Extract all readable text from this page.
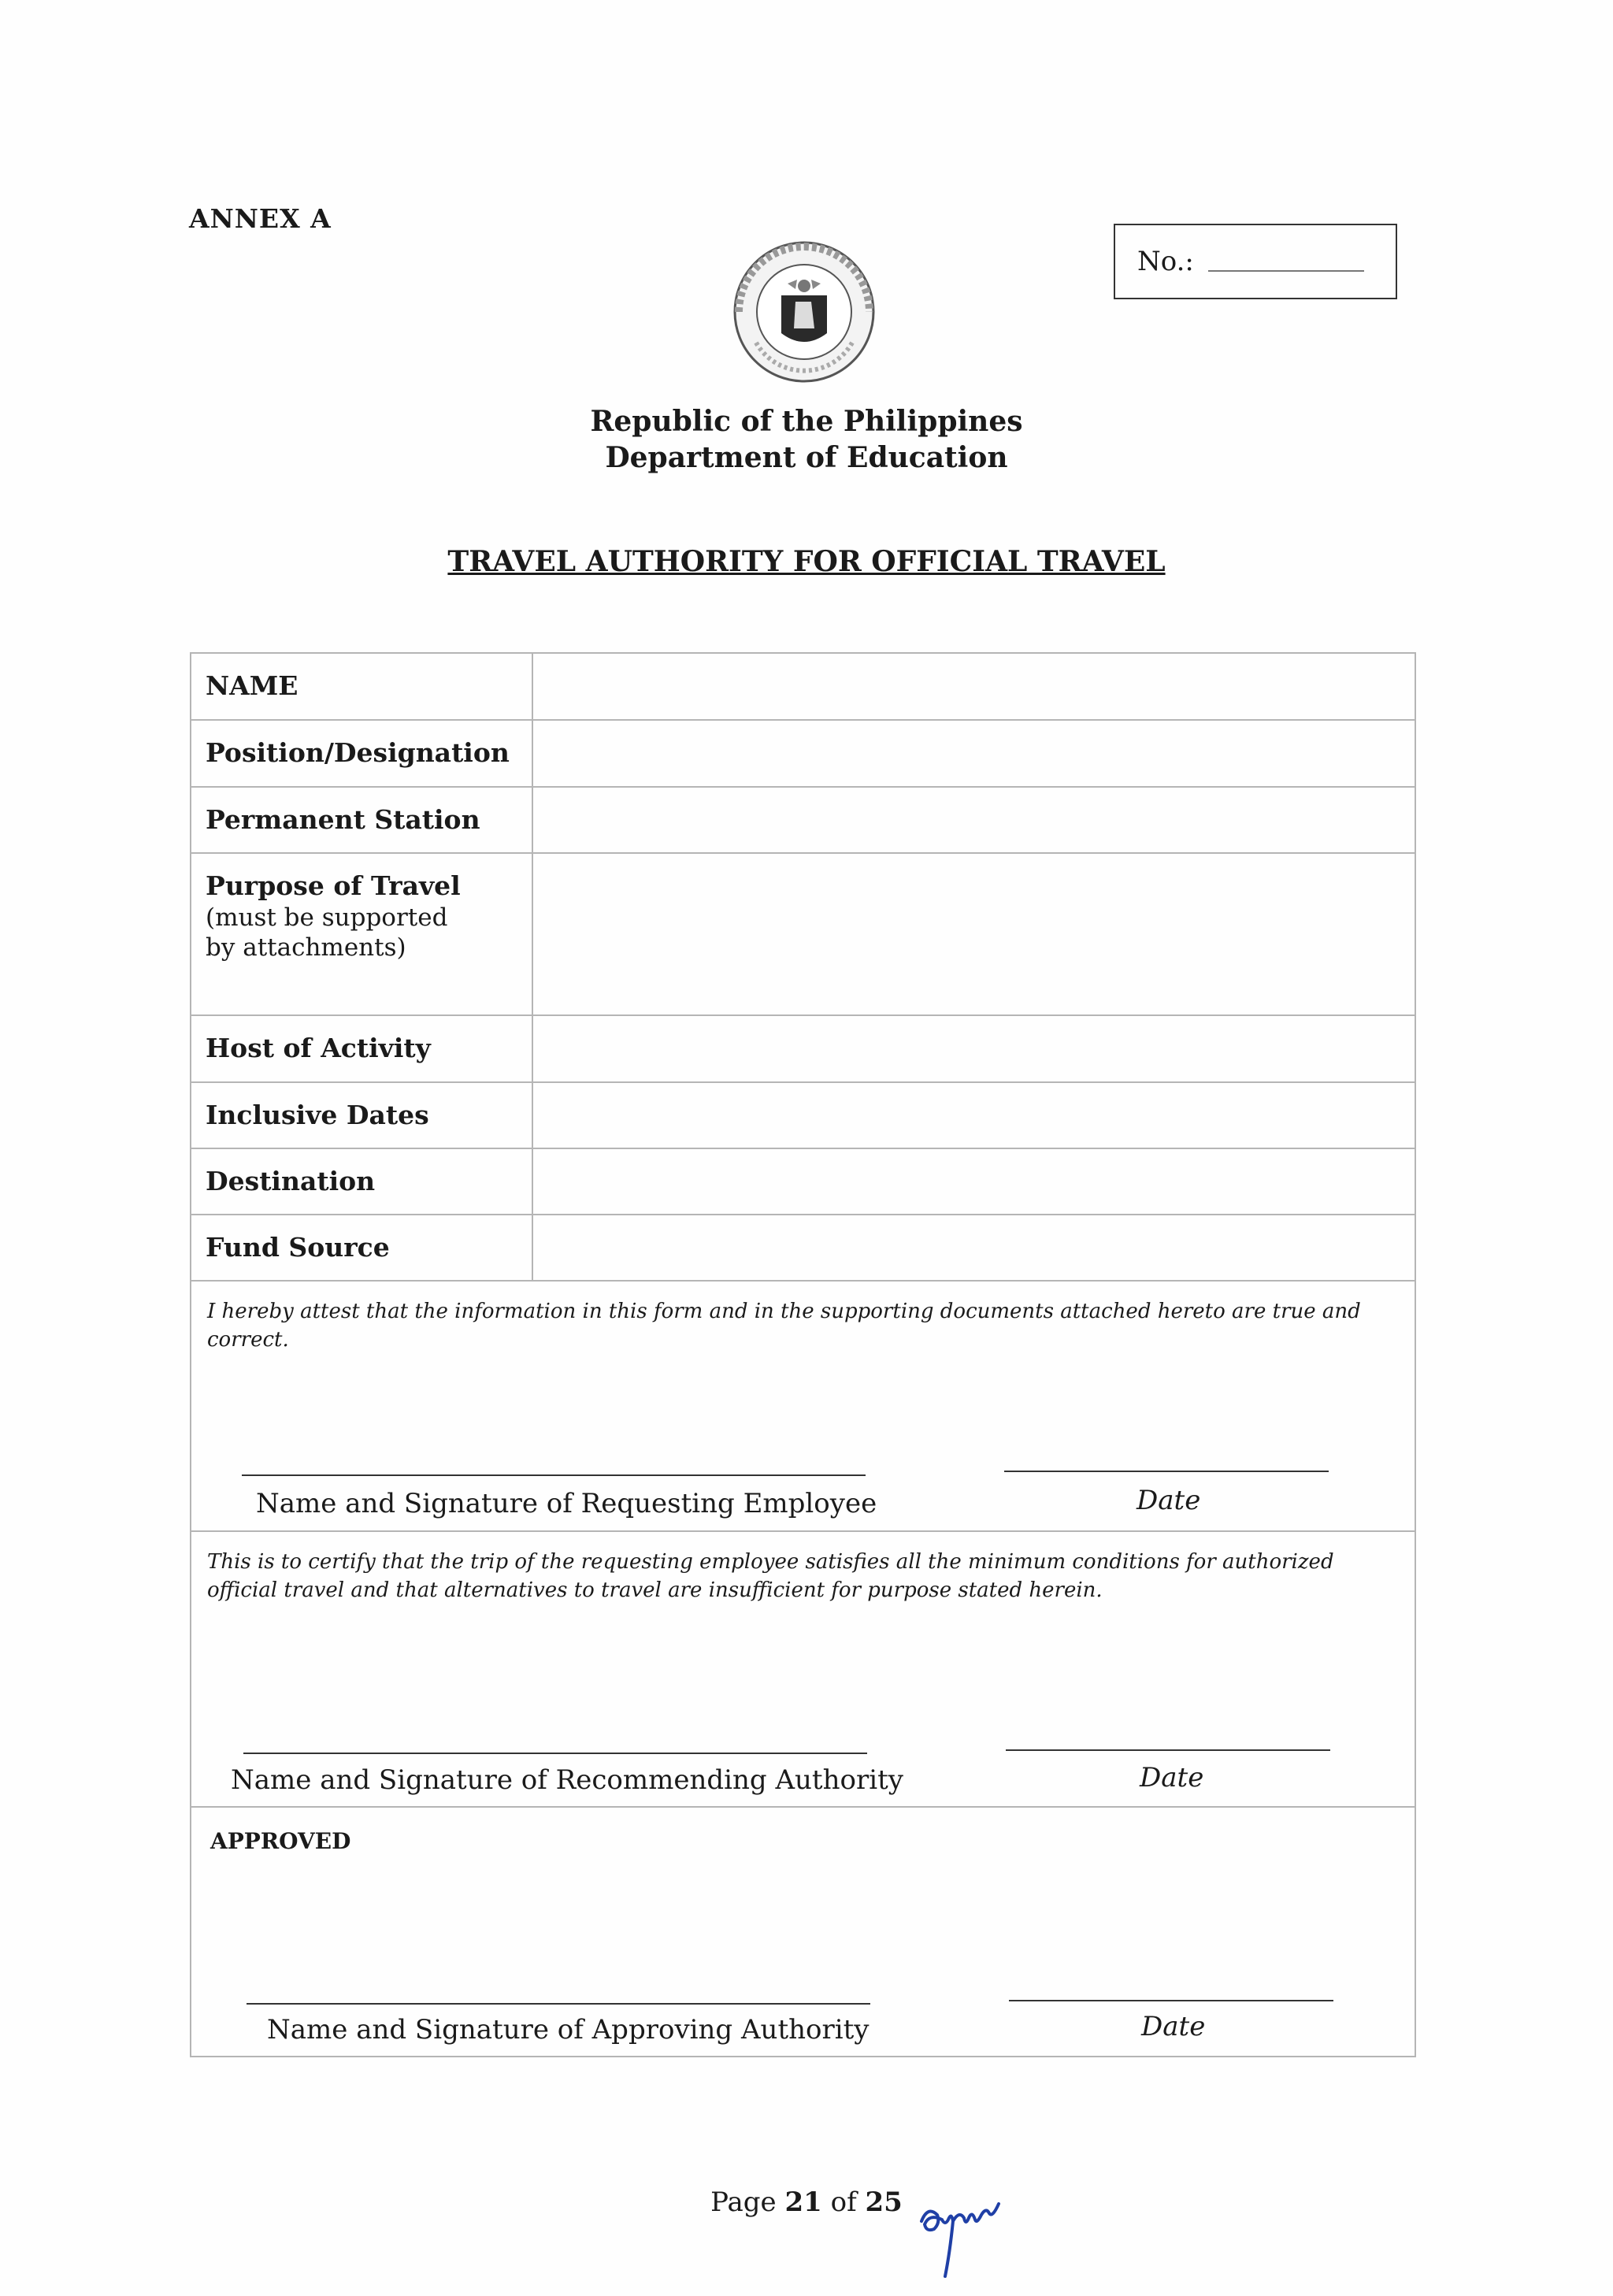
ANNEX A
No.:
Republic of the Philippines
Department of Education
TRAVEL AUTHORITY FOR OFFICIAL TRAVEL
NAME
Position/Designation
Permanent Station
Purpose of Travel
(must be supported
by attachments)
Host of Activity
Inclusive Dates
Destination
Fund Source
I hereby attest that the information in this form and in the supporting documents attached hereto are true and correct.
Name and Signature of Requesting Employee	Date
This is to certify that the trip of the requesting employee satisfies all the minimum conditions for authorized official travel and that alternatives to travel are insufficient for purpose stated herein.
Name and Signature of Recommending Authority	Date
APPROVED
Name and Signature of Approving Authority	Date
Page 21 of 25
